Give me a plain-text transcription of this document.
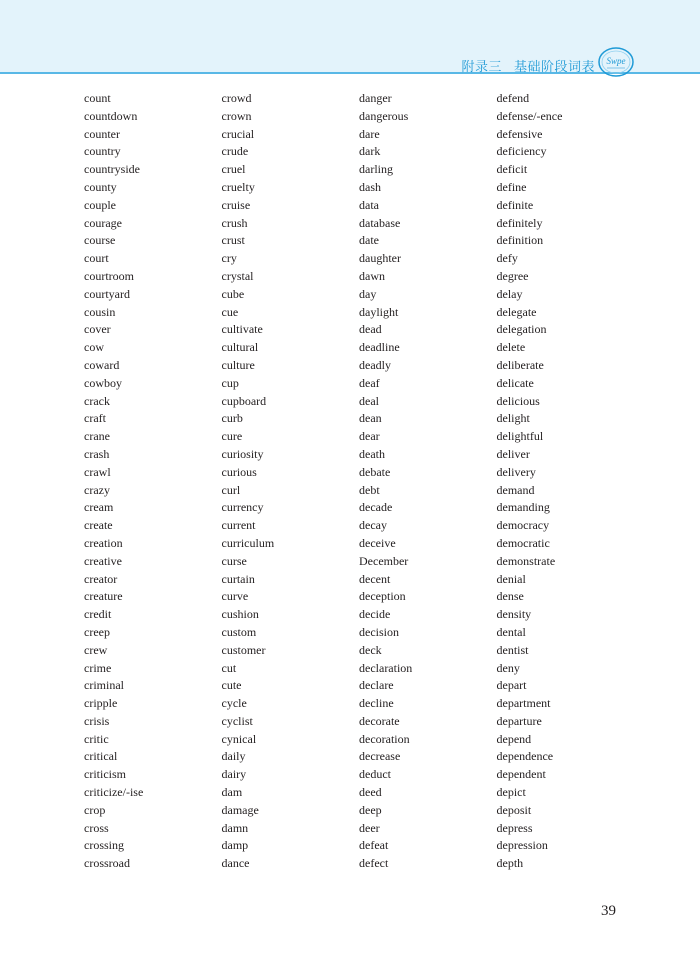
附录三 基础阶段词表 Swpe
count
countdown
counter
country
countryside
county
couple
courage
course
court
courtroom
courtyard
cousin
cover
cow
coward
cowboy
crack
craft
crane
crash
crawl
crazy
cream
create
creation
creative
creator
creature
credit
creep
crew
crime
criminal
cripple
crisis
critic
critical
criticism
criticize/-ise
crop
cross
crossing
crossroad
crowd
crown
crucial
crude
cruel
cruelty
cruise
crush
crust
cry
crystal
cube
cue
cultivate
cultural
culture
cup
cupboard
curb
cure
curiosity
curious
curl
currency
current
curriculum
curse
curtain
curve
cushion
custom
customer
cut
cute
cycle
cyclist
cynical
daily
dairy
dam
damage
damn
damp
dance
danger
dangerous
dare
dark
darling
dash
data
database
date
daughter
dawn
day
daylight
dead
deadline
deadly
deaf
deal
dean
dear
death
debate
debt
decade
decay
deceive
December
decent
deception
decide
decision
deck
declaration
declare
decline
decorate
decoration
decrease
deduct
deed
deep
deer
defeat
defect
defend
defense/-ence
defensive
deficiency
deficit
define
definite
definitely
definition
defy
degree
delay
delegate
delegation
delete
deliberate
delicate
delicious
delight
delightful
deliver
delivery
demand
demanding
democracy
democratic
demonstrate
denial
dense
density
dental
dentist
deny
depart
department
departure
depend
dependence
dependent
depict
deposit
depress
depression
depth
39
